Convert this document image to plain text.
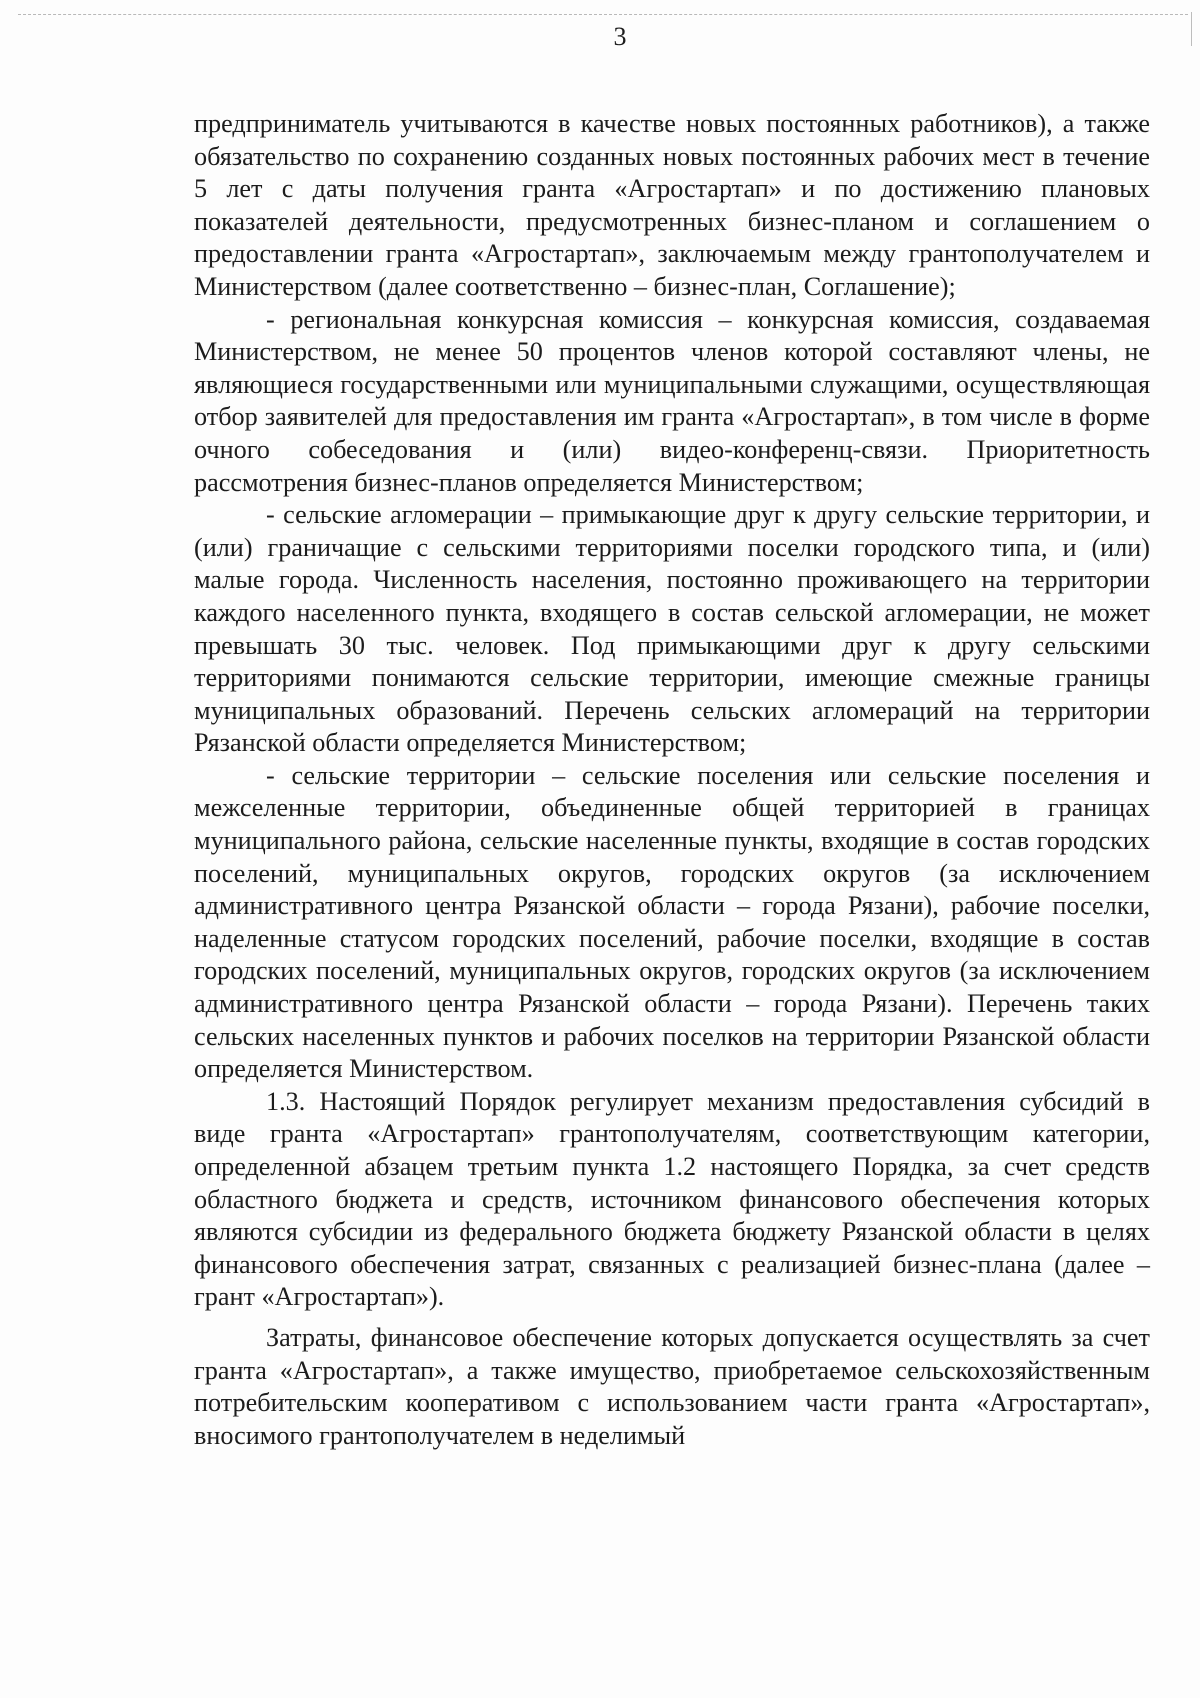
3

предприниматель учитываются в качестве новых постоянных работников), а также обязательство по сохранению созданных новых постоянных рабочих мест в течение 5 лет с даты получения гранта «Агростартап» и по достижению плановых показателей деятельности, предусмотренных бизнес-планом и соглашением о предоставлении гранта «Агростартап», заключаемым между грантополучателем и Министерством (далее соответственно – бизнес-план, Соглашение);

- региональная конкурсная комиссия – конкурсная комиссия, создаваемая Министерством, не менее 50 процентов членов которой составляют члены, не являющиеся государственными или муниципальными служащими, осуществляющая отбор заявителей для предоставления им гранта «Агростартап», в том числе в форме очного собеседования и (или) видео-конференц-связи. Приоритетность рассмотрения бизнес-планов определяется Министерством;

- сельские агломерации – примыкающие друг к другу сельские территории, и (или) граничащие с сельскими территориями поселки городского типа, и (или) малые города. Численность населения, постоянно проживающего на территории каждого населенного пункта, входящего в состав сельской агломерации, не может превышать 30 тыс. человек. Под примыкающими друг к другу сельскими территориями понимаются сельские территории, имеющие смежные границы муниципальных образований. Перечень сельских агломераций на территории Рязанской области определяется Министерством;

- сельские территории – сельские поселения или сельские поселения и межселенные территории, объединенные общей территорией в границах муниципального района, сельские населенные пункты, входящие в состав городских поселений, муниципальных округов, городских округов (за исключением административного центра Рязанской области – города Рязани), рабочие поселки, наделенные статусом городских поселений, рабочие поселки, входящие в состав городских поселений, муниципальных округов, городских округов (за исключением административного центра Рязанской области – города Рязани). Перечень таких сельских населенных пунктов и рабочих поселков на территории Рязанской области определяется Министерством.

1.3. Настоящий Порядок регулирует механизм предоставления субсидий в виде гранта «Агростартап» грантополучателям, соответствующим категории, определенной абзацем третьим пункта 1.2 настоящего Порядка, за счет средств областного бюджета и средств, источником финансового обеспечения которых являются субсидии из федерального бюджета бюджету Рязанской области в целях финансового обеспечения затрат, связанных с реализацией бизнес-плана (далее – грант «Агростартап»).

Затраты, финансовое обеспечение которых допускается осуществлять за счет гранта «Агростартап», а также имущество, приобретаемое сельскохозяйственным потребительским кооперативом с использованием части гранта «Агростартап», вносимого грантополучателем в неделимый
